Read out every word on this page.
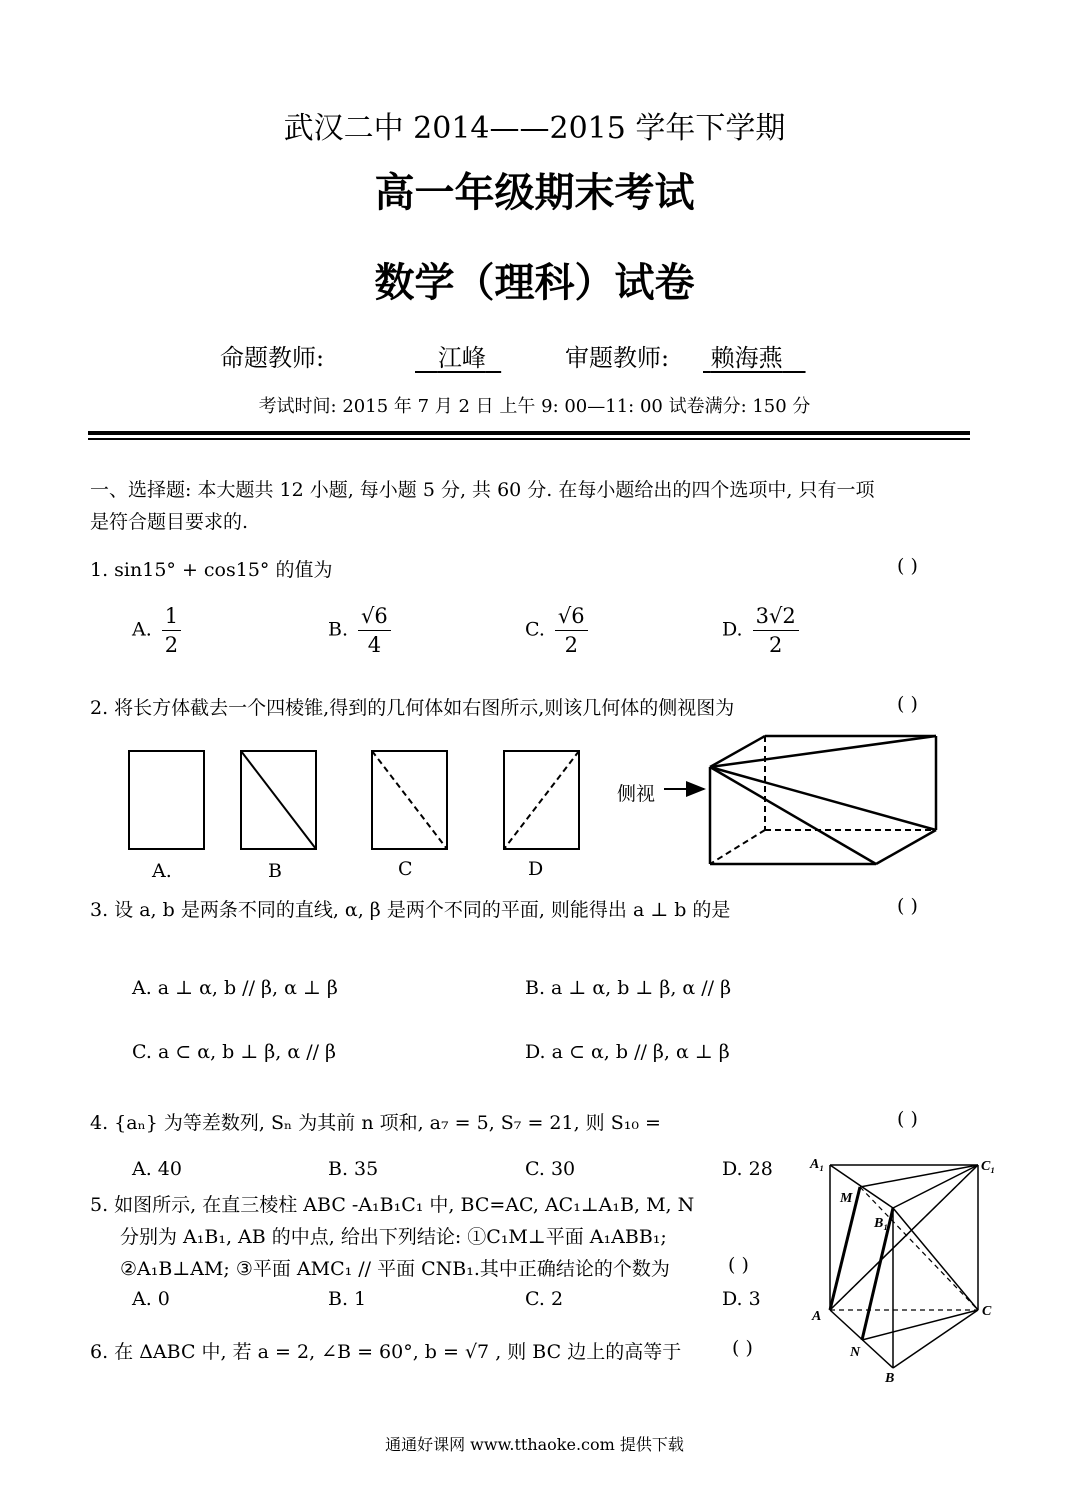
武汉二中 2014——2015 学年下学期
高一年级期末考试
数学（理科）试卷
命题教师:	江峰	审题教师:	赖海燕
考试时间: 2015 年 7 月 2 日 上午 9: 00—11: 00 试卷满分: 150 分
一、选择题: 本大题共 12 小题, 每小题 5 分, 共 60 分. 在每小题给出的四个选项中, 只有一项
是符合题目要求的.
1. sin15° + cos15° 的值为	( )
A. $\frac{1}{2}$	B. $\frac{√6}{4}$	C. $\frac{√6}{2}$	D. $\frac{3√2}{2}$
2. 将长方体截去一个四棱锥,得到的几何体如右图所示,则该几何体的侧视图为	( )
A.	B	C	D
侧视
3. 设 a, b 是两条不同的直线, α, β 是两个不同的平面, 则能得出 a ⊥ b 的是	( )
A. a ⊥ α, b // β, α ⊥ β	B. a ⊥ α, b ⊥ β, α // β
C. a ⊂ α, b ⊥ β, α // β	D. a ⊂ α, b // β, α ⊥ β
4. {aₙ} 为等差数列, Sₙ 为其前 n 项和, a₇ = 5, S₇ = 21, 则 S₁₀ =	( )
A. 40	B. 35	C. 30	D. 28
5. 如图所示, 在直三棱柱 ABC -A₁B₁C₁ 中, BC=AC, AC₁⊥A₁B, M, N
分别为 A₁B₁, AB 的中点, 给出下列结论: ①C₁M⊥平面 A₁ABB₁;
②A₁B⊥AM; ③平面 AMC₁ // 平面 CNB₁.其中正确结论的个数为	( )
A. 0	B. 1	C. 2	D. 3
A₁	C₁
M
B₁
A	C
N
B
6. 在 ΔABC 中, 若 a = 2, ∠B = 60°, b = √7 , 则 BC 边上的高等于	( )
通通好课网 www.tthaoke.com 提供下载
